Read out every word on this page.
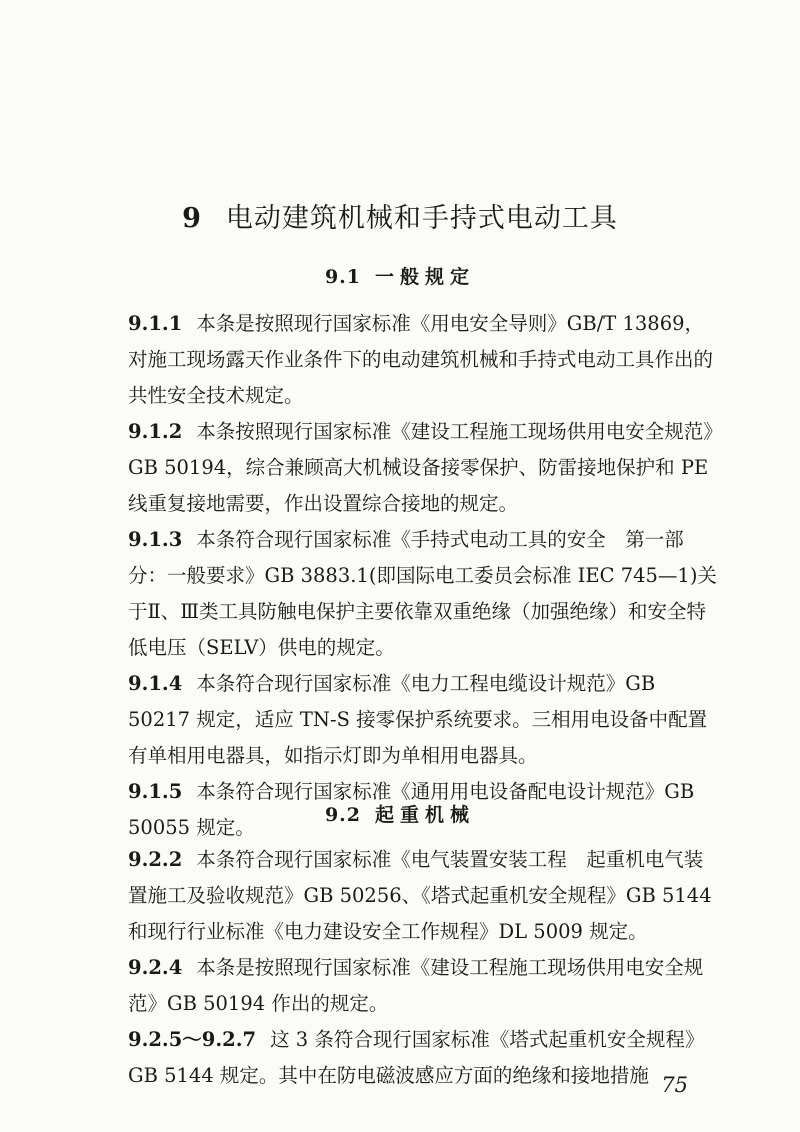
9 电动建筑机械和手持式电动工具
9.1 一般规定

9.1.1 本条是按照现行国家标准《用电安全导则》GB/T 13869，对施工现场露天作业条件下的电动建筑机械和手持式电动工具作出的共性安全技术规定。

9.1.2 本条按照现行国家标准《建设工程施工现场供用电安全规范》GB 50194，综合兼顾高大机械设备接零保护、防雷接地保护和 PE 线重复接地需要，作出设置综合接地的规定。

9.1.3 本条符合现行国家标准《手持式电动工具的安全　第一部分：一般要求》GB 3883.1(即国际电工委员会标准 IEC 745—1)关于Ⅱ、Ⅲ类工具防触电保护主要依靠双重绝缘（加强绝缘）和安全特低电压（SELV）供电的规定。

9.1.4 本条符合现行国家标准《电力工程电缆设计规范》GB 50217 规定，适应 TN-S 接零保护系统要求。三相用电设备中配置有单相用电器具，如指示灯即为单相用电器具。

9.1.5 本条符合现行国家标准《通用用电设备配电设计规范》GB 50055 规定。

9.2 起重机械

9.2.2 本条符合现行国家标准《电气装置安装工程　起重机电气装置施工及验收规范》GB 50256、《塔式起重机安全规程》GB 5144 和现行行业标准《电力建设安全工作规程》DL 5009 规定。

9.2.4 本条是按照现行国家标准《建设工程施工现场供用电安全规范》GB 50194 作出的规定。

9.2.5～9.2.7 这 3 条符合现行国家标准《塔式起重机安全规程》GB 5144 规定。其中在防电磁波感应方面的绝缘和接地措施 75
